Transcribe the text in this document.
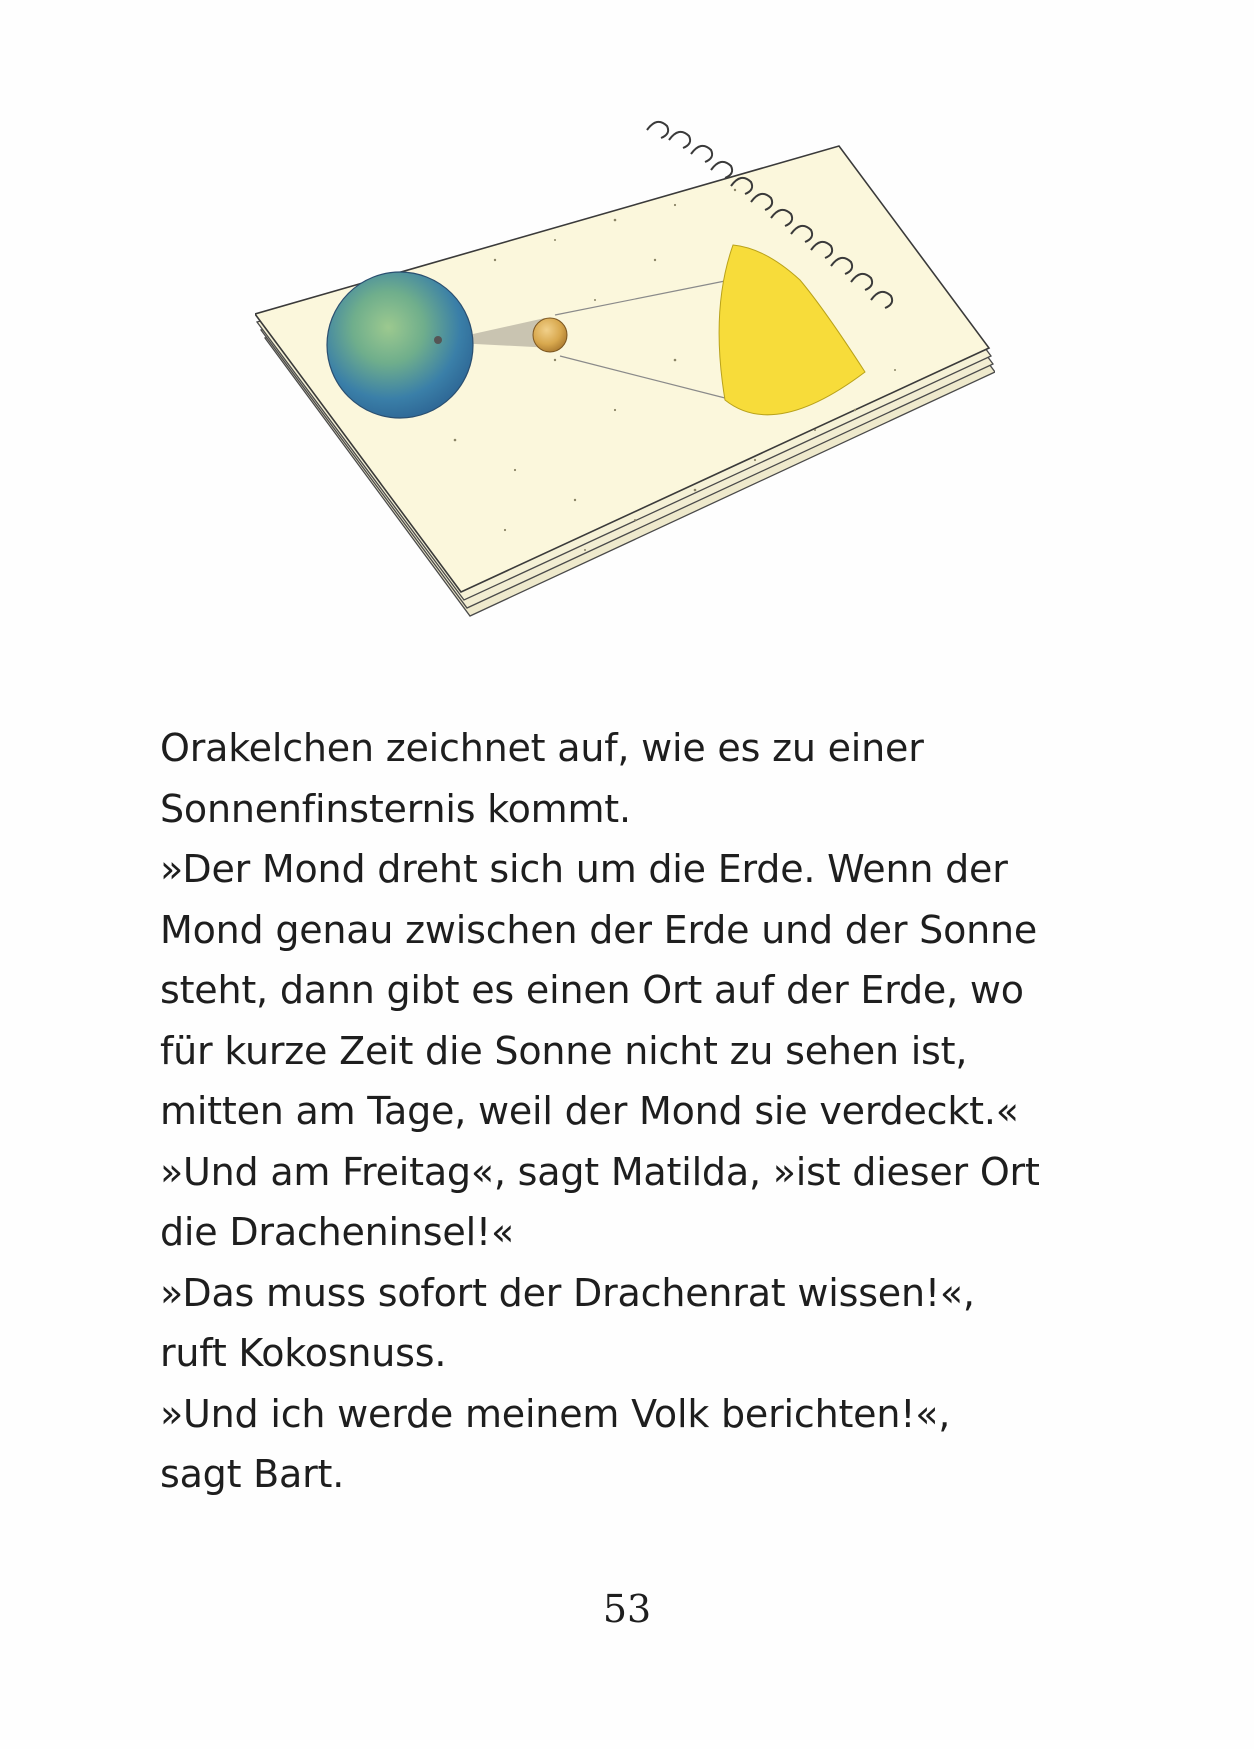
Orakelchen zeichnet auf, wie es zu einer
Sonnenfinsternis kommt.
»Der Mond dreht sich um die Erde. Wenn der
Mond genau zwischen der Erde und der Sonne
steht, dann gibt es einen Ort auf der Erde, wo
für kurze Zeit die Sonne nicht zu sehen ist,
mitten am Tage, weil der Mond sie verdeckt.«
»Und am Freitag«, sagt Matilda, »ist dieser Ort
die Dracheninsel!«
»Das muss sofort der Drachenrat wissen!«,
ruft Kokosnuss.
»Und ich werde meinem Volk berichten!«,
sagt Bart.
53
